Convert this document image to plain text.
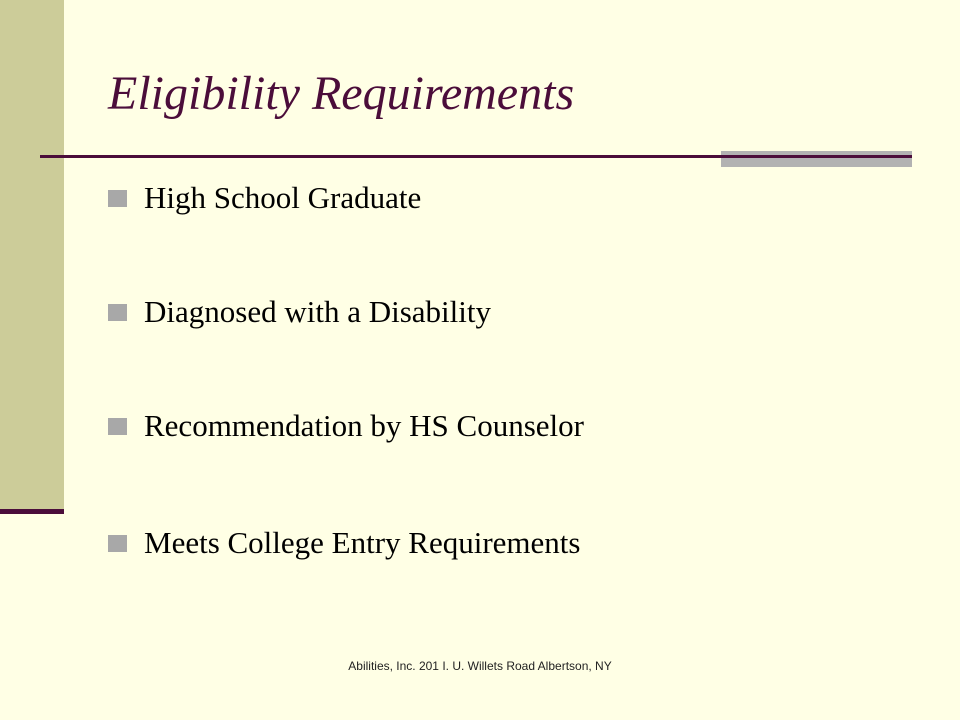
Eligibility Requirements
High School Graduate
Diagnosed with a Disability
Recommendation by HS Counselor
Meets College Entry Requirements
Abilities, Inc. 201 I. U. Willets Road Albertson, NY
